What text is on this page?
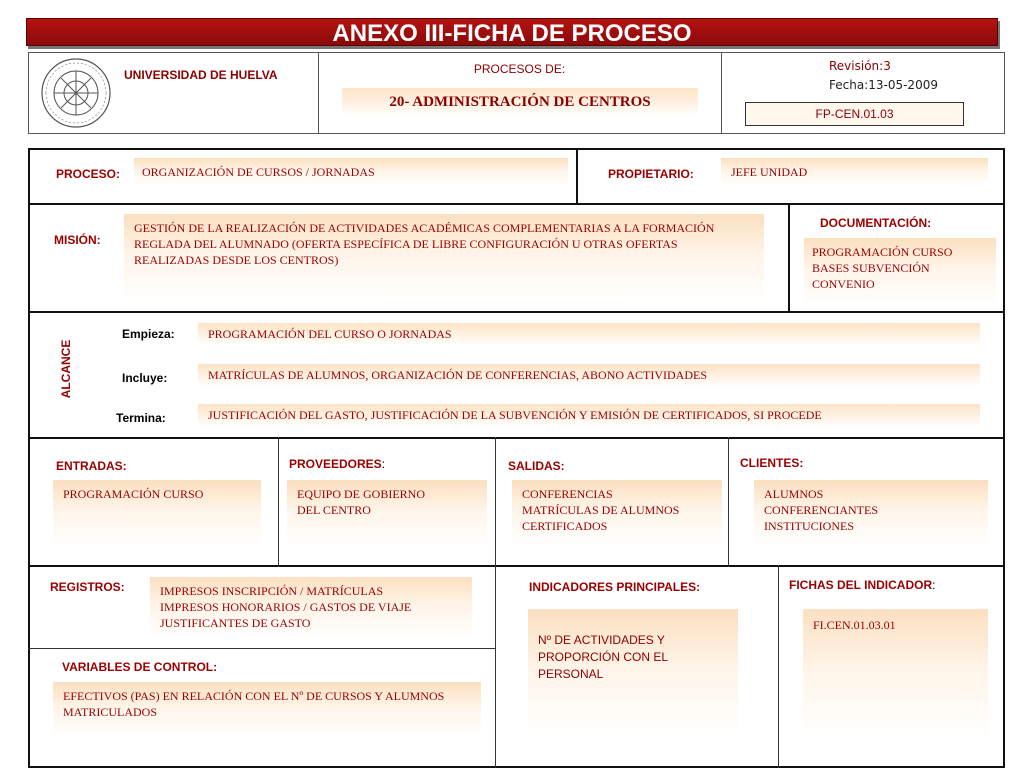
ANEXO III-FICHA DE PROCESO
UNIVERSIDAD DE HUELVA	PROCESOS DE:
20- ADMINISTRACIÓN DE CENTROS
Revisión:3
Fecha:13-05-2009
FP-CEN.01.03
PROCESO:	ORGANIZACIÓN DE CURSOS / JORNADAS	PROPIETARIO:	JEFE UNIDAD
MISIÓN:
GESTIÓN DE LA REALIZACIÓN DE ACTIVIDADES ACADÉMICAS COMPLEMENTARIAS A LA FORMACIÓN REGLADA DEL ALUMNADO (OFERTA ESPECÍFICA DE LIBRE CONFIGURACIÓN U OTRAS OFERTAS REALIZADAS DESDE LOS CENTROS)
DOCUMENTACIÓN:
PROGRAMACIÓN CURSO
BASES SUBVENCIÓN
CONVENIO
ALCANCE
Empieza:	PROGRAMACIÓN DEL CURSO O JORNADAS
Incluye:	MATRÍCULAS DE ALUMNOS, ORGANIZACIÓN DE CONFERENCIAS, ABONO ACTIVIDADES
Termina:	JUSTIFICACIÓN DEL GASTO, JUSTIFICACIÓN DE LA SUBVENCIÓN Y EMISIÓN DE CERTIFICADOS, SI PROCEDE
ENTRADAS:
PROGRAMACIÓN CURSO
PROVEEDORES:
EQUIPO DE GOBIERNO
DEL CENTRO
SALIDAS:
CONFERENCIAS
MATRÍCULAS DE ALUMNOS
CERTIFICADOS
CLIENTES:
ALUMNOS
CONFERENCIANTES
INSTITUCIONES
REGISTROS:	IMPRESOS INSCRIPCIÓN / MATRÍCULAS
IMPRESOS HONORARIOS / GASTOS DE VIAJE
JUSTIFICANTES DE GASTO
VARIABLES DE CONTROL:
EFECTIVOS (PAS) EN RELACIÓN CON EL Nº DE CURSOS Y ALUMNOS MATRICULADOS
INDICADORES PRINCIPALES:
Nº DE ACTIVIDADES Y PROPORCIÓN CON EL PERSONAL
FICHAS DEL INDICADOR:
FI.CEN.01.03.01
